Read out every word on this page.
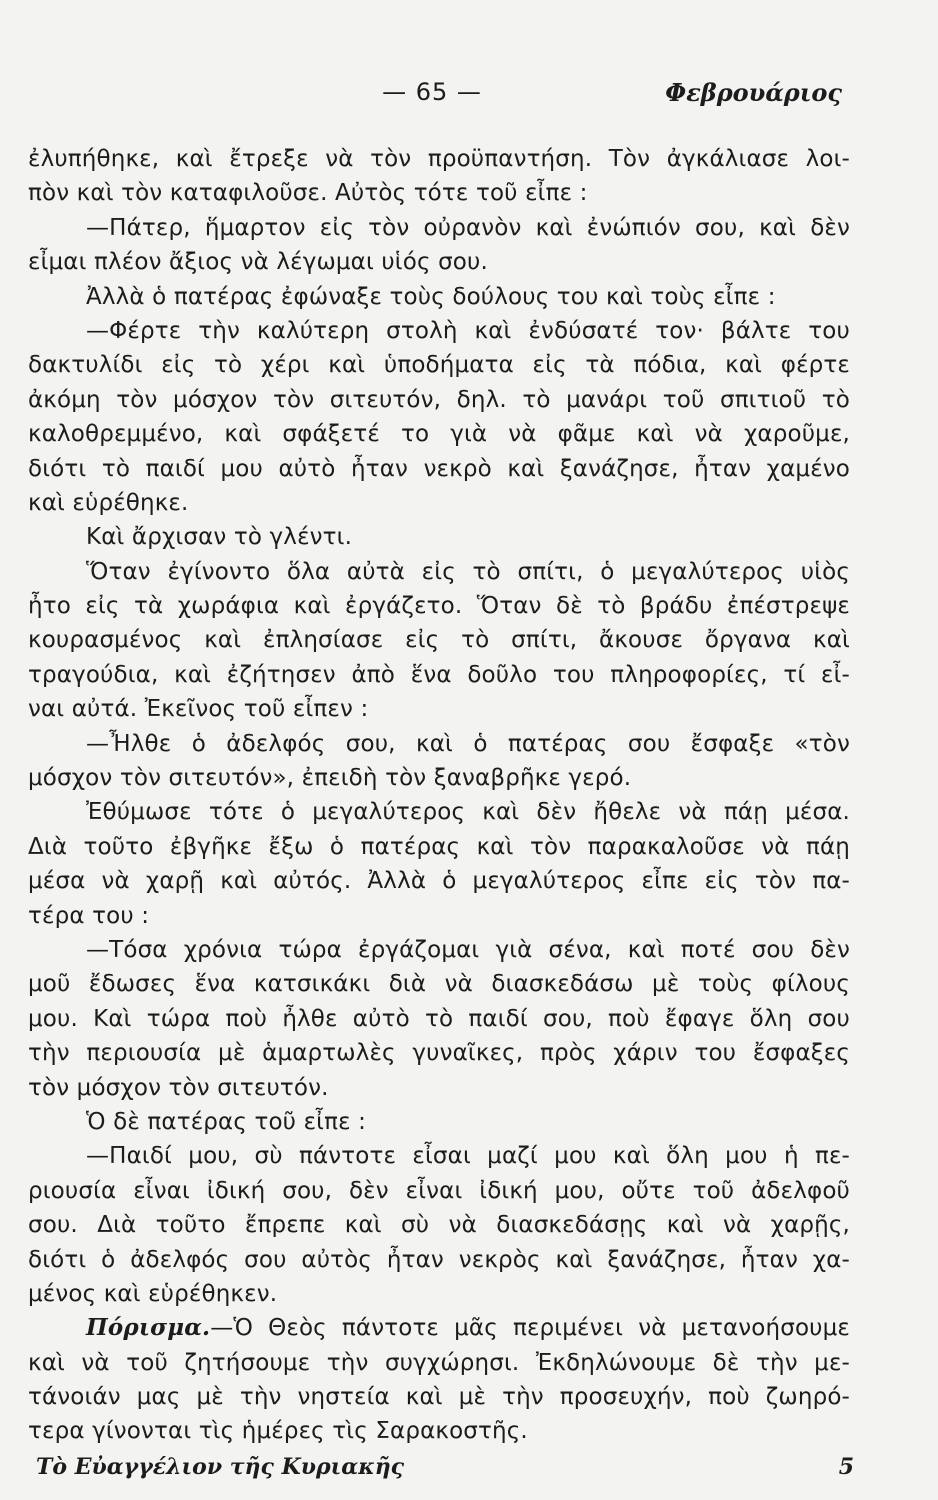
— 65 —	Φεβρουάριος
ἐλυπήθηκε, καὶ ἔτρεξε νὰ τὸν προϋπαντήση. Τὸν ἀγκάλιασε λοι-
πὸν καὶ τὸν καταφιλοῦσε. Αὐτὸς τότε τοῦ εἶπε :
—Πάτερ, ἥμαρτον εἰς τὸν οὐρανὸν καὶ ἐνώπιόν σου, καὶ δὲν
εἶμαι πλέον ἄξιος νὰ λέγωμαι υἱός σου.
Ἀλλὰ ὁ πατέρας ἐφώναξε τοὺς δούλους του καὶ τοὺς εἶπε :
—Φέρτε τὴν καλύτερη στολὴ καὶ ἐνδύσατέ τον· βάλτε του
δακτυλίδι εἰς τὸ χέρι καὶ ὑποδήματα εἰς τὰ πόδια, καὶ φέρτε
ἀκόμη τὸν μόσχον τὸν σιτευτόν, δηλ. τὸ μανάρι τοῦ σπιτιοῦ τὸ
καλοθρεμμένο, καὶ σφάξετέ το γιὰ νὰ φᾶμε καὶ νὰ χαροῦμε,
διότι τὸ παιδί μου αὐτὸ ἦταν νεκρὸ καὶ ξανάζησε, ἦταν χαμένο
καὶ εὑρέθηκε.
Καὶ ἄρχισαν τὸ γλέντι.
Ὅταν ἐγίνοντο ὅλα αὐτὰ εἰς τὸ σπίτι, ὁ μεγαλύτερος υἱὸς
ἦτο εἰς τὰ χωράφια καὶ ἐργάζετο. Ὅταν δὲ τὸ βράδυ ἐπέστρεψε
κουρασμένος καὶ ἐπλησίασε εἰς τὸ σπίτι, ἄκουσε ὄργανα καὶ
τραγούδια, καὶ ἐζήτησεν ἀπὸ ἕνα δοῦλο του πληροφορίες, τί εἶ-
ναι αὐτά. Ἐκεῖνος τοῦ εἶπεν :
—Ἦλθε ὁ ἀδελφός σου, καὶ ὁ πατέρας σου ἔσφαξε «τὸν
μόσχον τὸν σιτευτόν», ἐπειδὴ τὸν ξαναβρῆκε γερό.
Ἐθύμωσε τότε ὁ μεγαλύτερος καὶ δὲν ἤθελε νὰ πάῃ μέσα.
Διὰ τοῦτο ἐβγῆκε ἔξω ὁ πατέρας καὶ τὸν παρακαλοῦσε νὰ πάῃ
μέσα νὰ χαρῇ καὶ αὐτός. Ἀλλὰ ὁ μεγαλύτερος εἶπε εἰς τὸν πα-
τέρα του :
—Τόσα χρόνια τώρα ἐργάζομαι γιὰ σένα, καὶ ποτέ σου δὲν
μοῦ ἔδωσες ἕνα κατσικάκι διὰ νὰ διασκεδάσω μὲ τοὺς φίλους
μου. Καὶ τώρα ποὺ ἦλθε αὐτὸ τὸ παιδί σου, ποὺ ἔφαγε ὅλη σου
τὴν περιουσία μὲ ἁμαρτωλὲς γυναῖκες, πρὸς χάριν του ἔσφαξες
τὸν μόσχον τὸν σιτευτόν.
Ὁ δὲ πατέρας τοῦ εἶπε :
—Παιδί μου, σὺ πάντοτε εἶσαι μαζί μου καὶ ὅλη μου ἡ πε-
ριουσία εἶναι ἰδική σου, δὲν εἶναι ἰδική μου, οὔτε τοῦ ἀδελφοῦ
σου. Διὰ τοῦτο ἔπρεπε καὶ σὺ νὰ διασκεδάσῃς καὶ νὰ χαρῇς,
διότι ὁ ἀδελφός σου αὐτὸς ἦταν νεκρὸς καὶ ξανάζησε, ἦταν χα-
μένος καὶ εὑρέθηκεν.
Πόρισμα.—Ὁ Θεὸς πάντοτε μᾶς περιμένει νὰ μετανοήσουμε
καὶ νὰ τοῦ ζητήσουμε τὴν συγχώρησι. Ἐκδηλώνουμε δὲ τὴν με-
τάνοιάν μας μὲ τὴν νηστεία καὶ μὲ τὴν προσευχήν, ποὺ ζωηρό-
τερα γίνονται τὶς ἡμέρες τὶς Σαρακοστῆς.
Τὸ Εὐαγγέλιον τῆς Κυριακῆς	5
